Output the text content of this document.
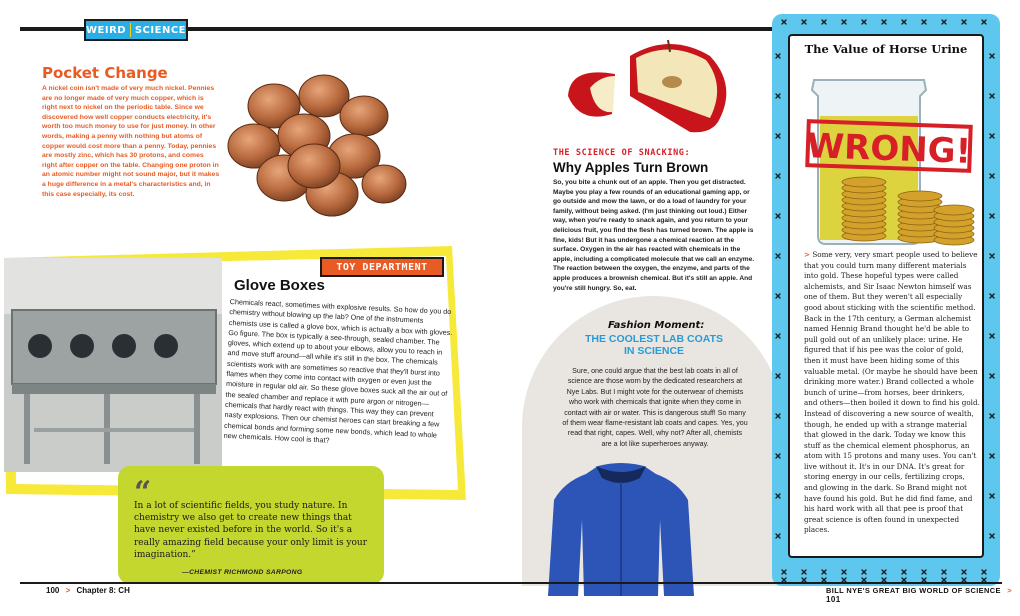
WEIRD SCIENCE
Pocket Change
A nickel coin isn't made of very much nickel. Pennies are no longer made of very much copper, which is right next to nickel on the periodic table. Since we discovered how well copper conducts electricity, it's worth too much money to use for just money. In other words, making a penny with nothing but atoms of copper would cost more than a penny. Today, pennies are mostly zinc, which has 30 protons, and comes right after copper on the table. Changing one proton in an atomic number might not sound major, but it makes a huge difference in a metal's characteristics and, in this case especially, its cost.
THE SCIENCE OF SNACKING:
Why Apples Turn Brown
So, you bite a chunk out of an apple. Then you get distracted. Maybe you play a few rounds of an educational gaming app, or go outside and mow the lawn, or do a load of laundry for your family, without being asked. (I'm just thinking out loud.) Either way, when you're ready to snack again, and you return to your delicious fruit, you find the flesh has turned brown. The apple is fine, kids! But it has undergone a chemical reaction at the surface. Oxygen in the air has reacted with chemicals in the apple, including a complicated molecule that we call an enzyme. The reaction between the oxygen, the enzyme, and parts of the apple produces a brownish chemical. But it's still an apple. And you're still hungry. So, eat.
TOY DEPARTMENT
Glove Boxes
Chemicals react, sometimes with explosive results. So how do you do chemistry without blowing up the lab? One of the instruments chemists use is called a glove box, which is actually a box with gloves. Go figure. The box is typically a see-through, sealed chamber. The gloves, which extend up to about your elbows, allow you to reach in and move stuff around—all while it's still in the box. The chemicals scientists work with are sometimes so reactive that they'll burst into flames when they come into contact with oxygen or even just the moisture in regular old air. So these glove boxes suck all the air out of the sealed chamber and replace it with pure argon or nitrogen—chemicals that hardly react with things. This way they can prevent nasty explosions. Then our chemist heroes can start breaking a few chemical bonds and forming some new bonds, which lead to whole new chemicals. How cool is that?
“
In a lot of scientific fields, you study nature. In chemistry we also get to create new things that have never existed before in the world. So it's a really amazing field because your only limit is your imagination.”
—CHEMIST RICHMOND SARPONG
Fashion Moment:
THE COOLEST LAB COATS IN SCIENCE
Sure, one could argue that the best lab coats in all of science are those worn by the dedicated researchers at Nye Labs. But I might vote for the outerwear of chemists who work with chemicals that ignite when they come in contact with air or water. This is dangerous stuff! So many of them wear flame-resistant lab coats and capes. Yes, you read that right, capes. Well, why not? After all, chemists are a lot like superheroes anyway.
The Value of Horse Urine
WRONG!
> Some very, very smart people used to believe that you could turn many different materials into gold. These hopeful types were called alchemists, and Sir Isaac Newton himself was one of them. But they weren't all especially good about sticking with the scientific method. Back in the 17th century, a German alchemist named Hennig Brand thought he'd be able to pull gold out of an unlikely place: urine. He figured that if his pee was the color of gold, then it must have been hiding some of this valuable metal. (Or maybe he should have been drinking more water.) Brand collected a whole bunch of urine—from horses, beer drinkers, and others—then boiled it down to find his gold. Instead of discovering a new source of wealth, though, he ended up with a strange material that glowed in the dark. Today we know this stuff as the chemical element phosphorus, an atom with 15 protons and many uses. You can't live without it. It's in our DNA. It's great for storing energy in our cells, fertilizing crops, and glowing in the dark. So Brand might not have found his gold. But he did find fame, and his hard work with all that pee is proof that great science is often found in unexpected places.
100 > Chapter 8: CH	BILL NYE'S GREAT BIG WORLD OF SCIENCE > 101
